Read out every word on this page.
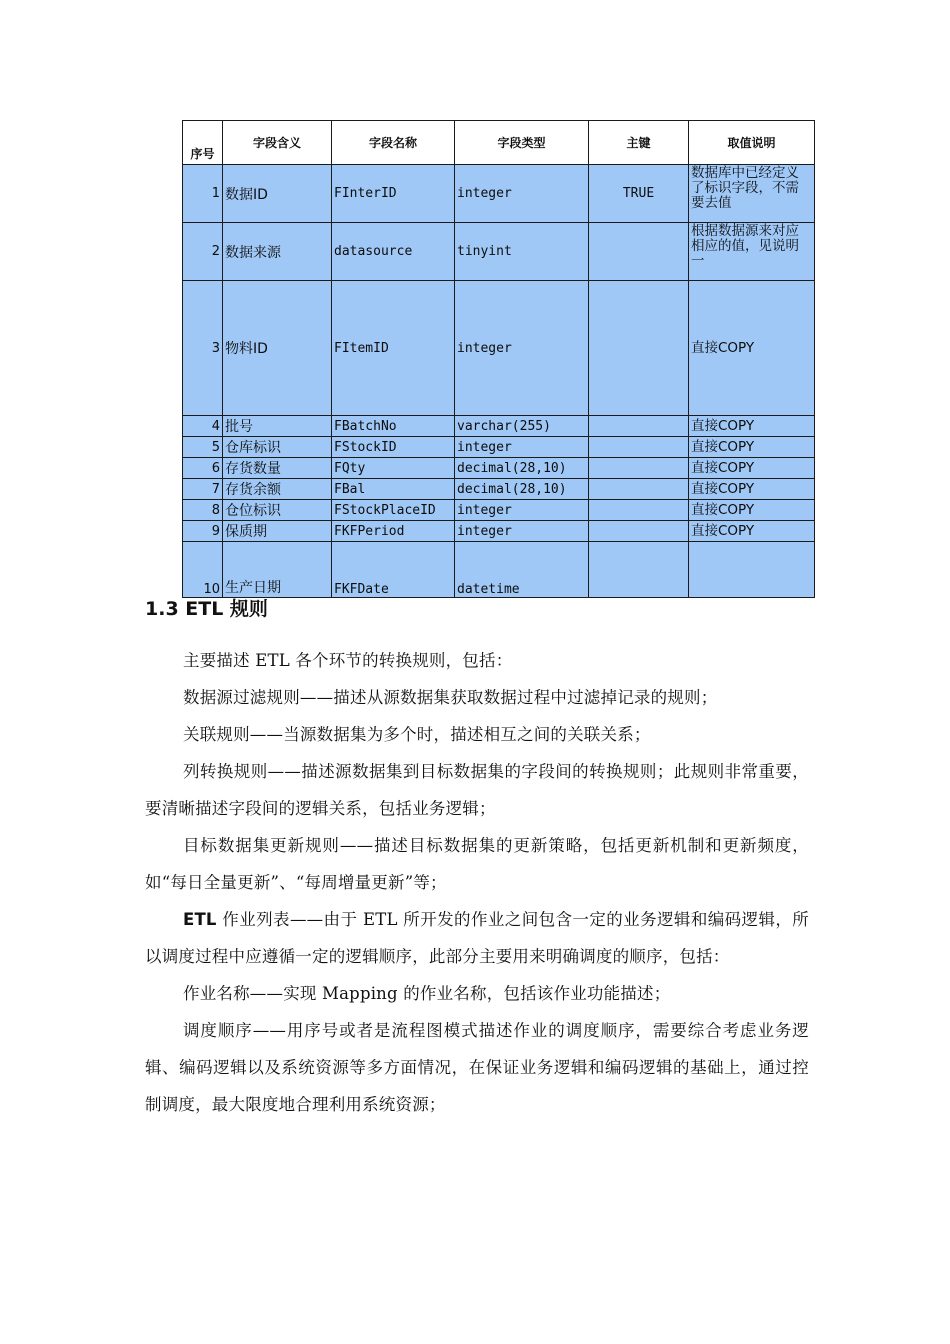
序号	字段含义	字段名称	字段类型	主键	取值说明
1	数据ID	FInterID	integer	TRUE	数据库中已经定义了标识字段，不需要去值
2	数据来源	datasource	tinyint		根据数据源来对应相应的值，见说明一
3	物料ID	FItemID	integer		直接COPY
4	批号	FBatchNo	varchar(255)		直接COPY
5	仓库标识	FStockID	integer		直接COPY
6	存货数量	FQty	decimal(28,10)		直接COPY
7	存货余额	FBal	decimal(28,10)		直接COPY
8	仓位标识	FStockPlaceID	integer		直接COPY
9	保质期	FKFPeriod	integer		直接COPY
10	生产日期	FKFDate	datetime		
1.3 ETL 规则

主要描述 ETL 各个环节的转换规则，包括：

数据源过滤规则——描述从源数据集获取数据过程中过滤掉记录的规则；

关联规则——当源数据集为多个时，描述相互之间的关联关系；

列转换规则——描述源数据集到目标数据集的字段间的转换规则；此规则非常重要，要清晰描述字段间的逻辑关系，包括业务逻辑；

目标数据集更新规则——描述目标数据集的更新策略，包括更新机制和更新频度，如“每日全量更新”、“每周增量更新”等；

ETL 作业列表——由于 ETL 所开发的作业之间包含一定的业务逻辑和编码逻辑，所以调度过程中应遵循一定的逻辑顺序，此部分主要用来明确调度的顺序，包括：

作业名称——实现 Mapping 的作业名称，包括该作业功能描述；

调度顺序——用序号或者是流程图模式描述作业的调度顺序，需要综合考虑业务逻辑、编码逻辑以及系统资源等多方面情况，在保证业务逻辑和编码逻辑的基础上，通过控制调度，最大限度地合理利用系统资源；
